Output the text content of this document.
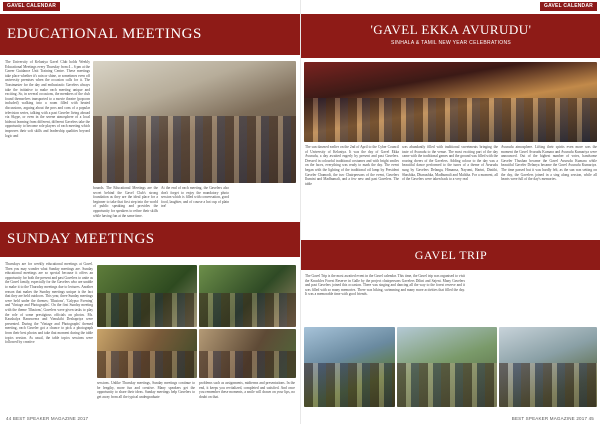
GAVEL CALENDAR
EDUCATIONAL MEETINGS
The University of Kelaniya Gavel Club holds Weekly Educational Meetings every Thursday from 4 – 6 pm at the Career Guidance Unit Training Centre. These meetings take place whether it's rain or shine, or sometimes even off university premises when the occasion calls for it. The Toastmaster for the day and enthusiastic Gavelers always take the initiative to make each meeting unique and exciting. So, in several occasions, the members of the club found themselves transported to a movie theatre (popcorn included) walking into a room filled with heated discussions, arguing about the pros and cons of a popular television series, talking with a past Gaveler living abroad via Skype, or even in the serene atmosphere of a local hideout learning from different, different Gavelers take the opportunity to become role players of each meeting which improves their soft skills and leadership qualities beyond logic and
bounds. The Educational Meetings are the secret behind the Gavel Club's strong foundation as they are the ideal place for a beginner to take that first step into the world of public speaking and provides the opportunity for speakers to refine their skills while having fun at the same time.
At the end of each meeting, the Gavelers also don't forget to enjoy the mandatory photo session which is filled with conversation, good food, laughter, and of course a hot cup of plain tea!
SUNDAY MEETINGS
Thursdays are for weekly educational meetings at Gavel. Then you may wonder what Sunday meetings are. Sunday educational meetings are so special because it offers an opportunity for both the present and past Gavelers to unite as the Gavel family, especially for the Gavelers who are unable to make it to the Thursday meetings due to lectures. Another reason that makes the Sunday meetings unique is the fact that they are held outdoors. This year, three Sunday meetings were held under the themes; 'Illusions', 'Calypso Evening' and 'Vintage and Photographs'. On the first Sunday meeting with the theme 'Illusions', Gavelers were given tasks to play the role of some prestigious officials on photos. Ms. Kaushalya Ranaweera and Vimukthi Deshapriya were presented. During the 'Vintage and Photographs' themed meeting, each Gaveler got a chance to pick a photograph from their best photos and take that moment during the table topics session. As usual, the table topics sessions were followed by creative
sessions. Unlike Thursday meetings, Sunday meetings continue to be lengthy, more fun and creative. Many speakers get the opportunity to share their ideas. Sunday meetings help Gavelers to get away from all the typical undergraduate
problems such as assignments, midterms and presentations. In the end, it keeps you revitalized, completed and satisfied. And once you remember these moments, a smile will drawn on your lips, no doubt on that.
44 BEST SPEAKER MAGAZINE 2017
GAVEL CALENDAR
'GAVEL EKKA AVURUDU'
SINHALA & TAMIL NEW YEAR CELEBRATIONS
The sun dawned earlier on the 2nd of April to the Cyber Council of University of Kelaniya. It was the day of Gavel Ekka Avurudu, a day awaited eagerly by present and past Gavelers. Dressed in colourful traditional costumes and with bright smiles on the faces, everything was ready to mark the day. The event began with the lighting of the traditional oil lamp by President Gaveler Chamodi, the two Chairpersons of the event, Gavelers Ilumini and Madhumali, and a few new and past Gavelers. The table
was abundantly filled with traditional sweetmeats bringing the taste of Avurudu to the venue. The most exciting part of the day came with the traditional games and the ground was filled with the roaring cheers of the Gavelers. Adding colour to the day was a beautiful dance performed to the tunes of a theme of Avurudu sung by Gavelers Delanga, Himansa, Nayomi, Harini, Dinithi, Shashika, Dhanushka, Madhumali and Malitha. For a moment, all of the Gavelers were taken back to a very real
Avurudu atmosphere. Lifting their spirits even more was the moment the Gavel Avurudu Kumara and Avurudu Kumariya were announced. Out of the highest number of votes, handsome Gaveler Thushan became the Gavel Avurudu Kumara while beautiful Gaveler Delanya became the Gavel Avurudu Kumariya. The time passed but it was hardly felt, as the sun was setting on the day, the Gavelers joined in a sing along session, while all hearts were full of the day's memories.
GAVEL TRIP
The Gavel Trip is the most awaited event in the Gavel calendar. This time, the Gavel trip was organised to visit the Knuckles Forest Reserve in Galle by the project chairpersons Gavelers Dilini and Sajeni. Many Gavelers and past Gavelers joined this occasion. There was singing and dancing all the way to the forest reserve and it was filled with so many memories. There was hiking, swimming and many more activities that filled the day. It was a memorable time with good friends.
BEST SPEAKER MAGAZINE 2017 45
